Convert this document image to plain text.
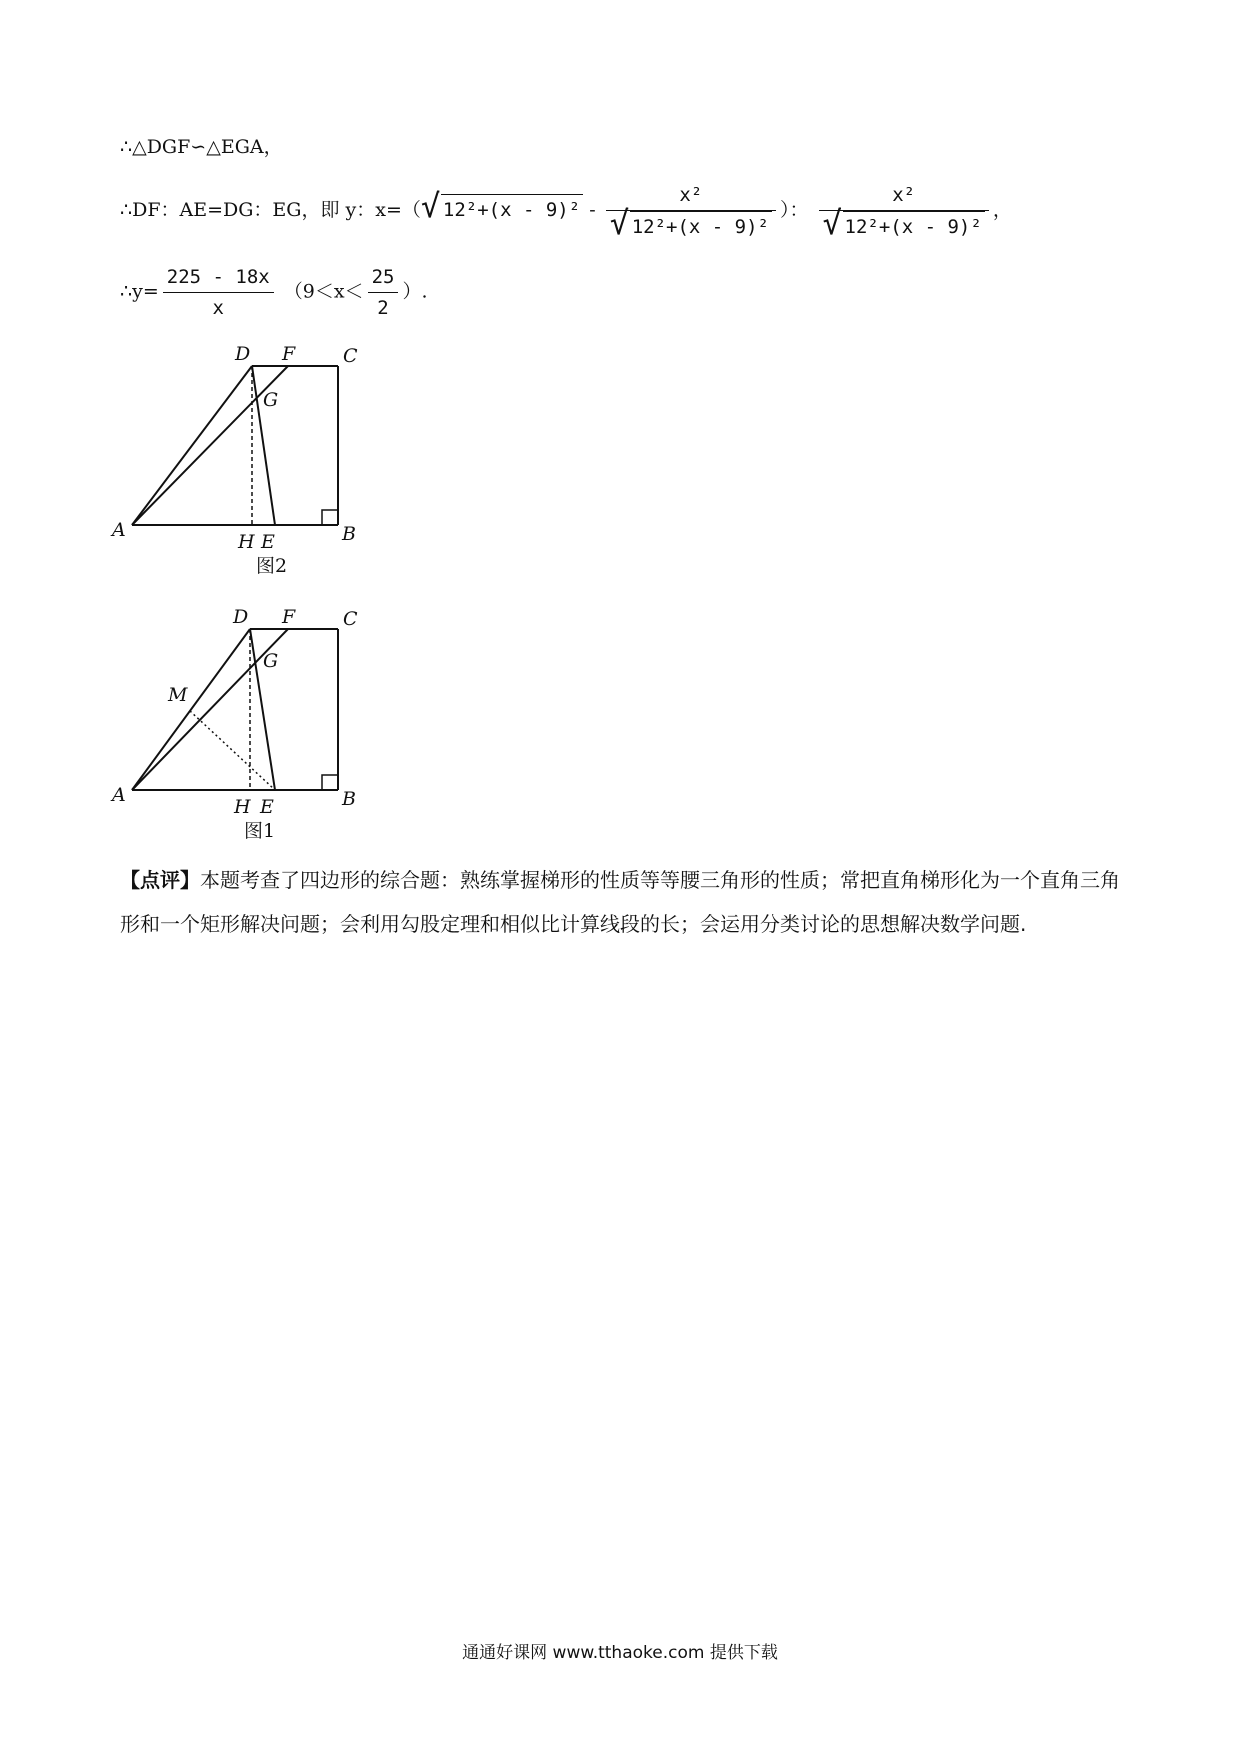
∴△DGF∽△EGA，
∴DF：AE=DG：EG，即 y：x=（ √ $12^2+(x - 9)^2 - \frac{\text{x²}}{\text{√ 12²+(x - 9)²}}$ ）： $\frac{\text{x²}}{\text{√ 12²+(x - 9)²}}$ ，
∴y= $\frac{225 - 18x}{x} (9<x< \frac{25}{2}$ ）.
D F	C
G
A
H E	B
图2
D F	C
G
M
A
H E	B
图1
【点评】本题考查了四边形的综合题：熟练掌握梯形的性质等等腰三角形的性质；常把直角梯形化为一个直角三角形和一个矩形解决问题；会利用勾股定理和相似比计算线段的长；会运用分类讨论的思想解决数学问题.
通通好课网 www.tthaoke.com 提供下载
